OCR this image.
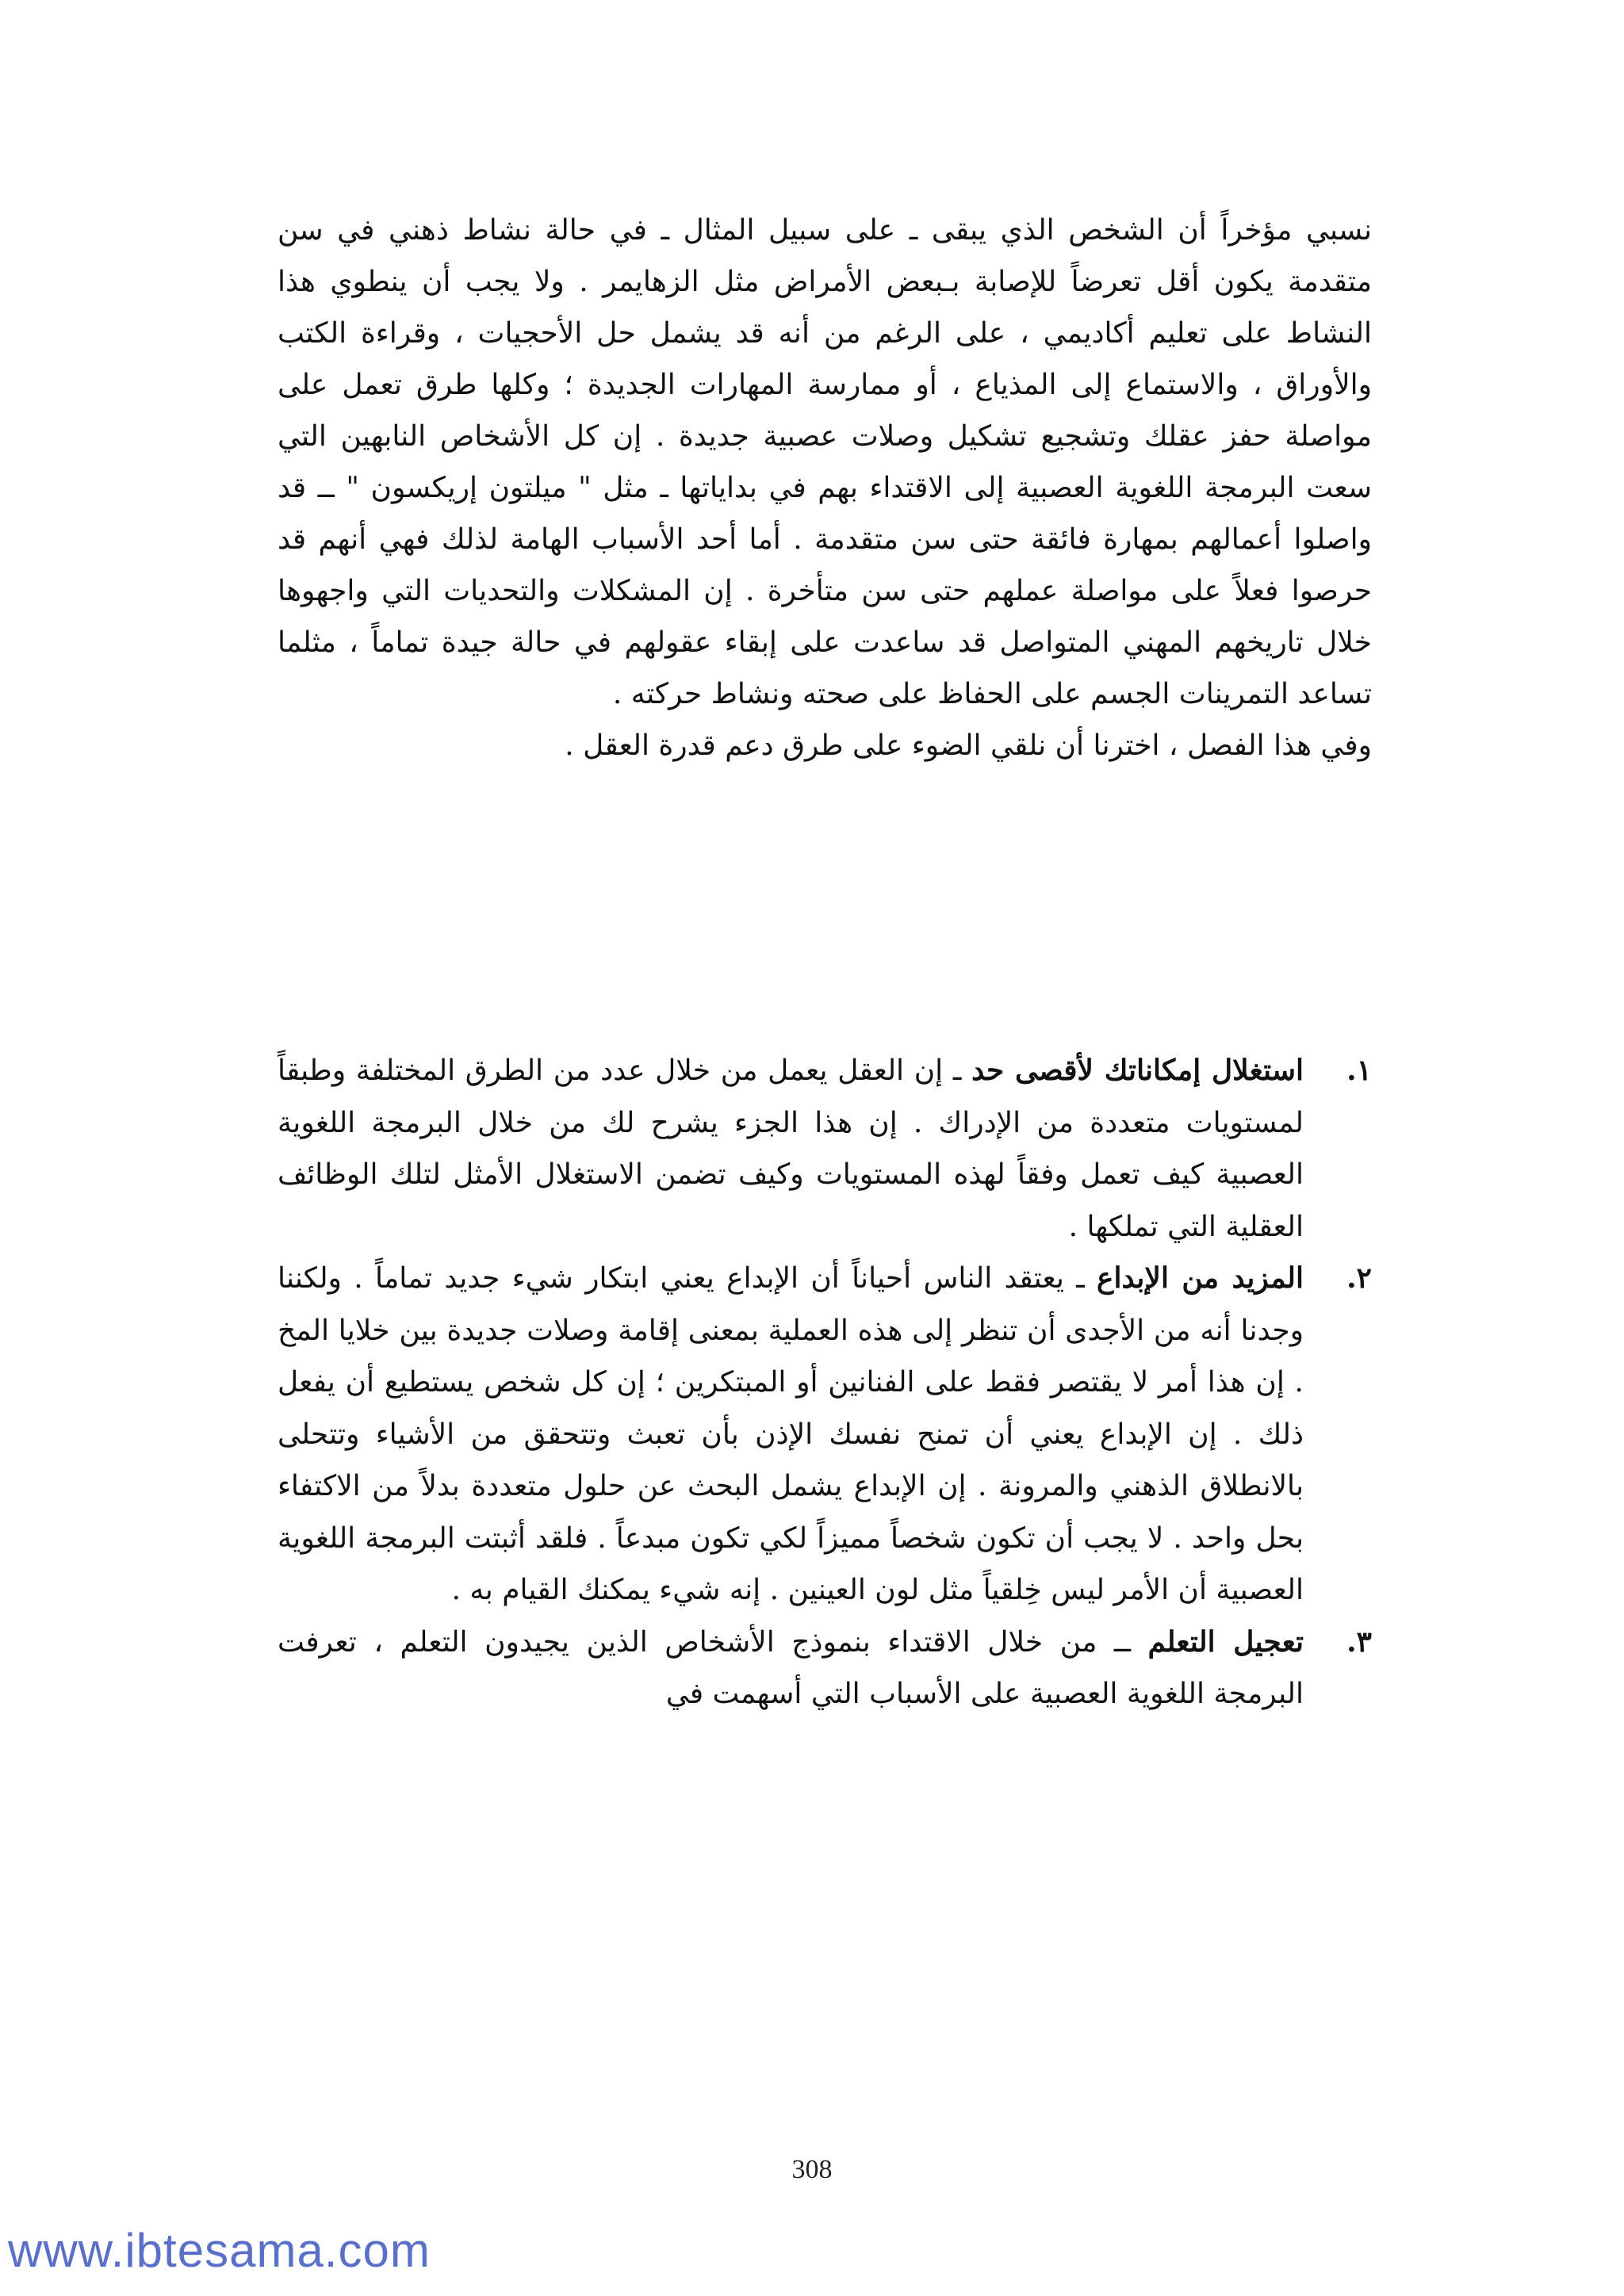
نسبي مؤخراً أن الشخص الذي يبقى ـ على سبيل المثال ـ في حالة نشاط ذهني في سن متقدمة يكون أقل تعرضاً للإصابة بـبعض الأمراض مثل الزهايمر . ولا يجب أن ينطوي هذا النشاط على تعليم أكاديمي ، على الرغم من أنه قد يشمل حل الأحجيات ، وقراءة الكتب والأوراق ، والاستماع إلى المذياع ، أو ممارسة المهارات الجديدة ؛ وكلها طرق تعمل على مواصلة حفز عقلك وتشجيع تشكيل وصلات عصبية جديدة . إن كل الأشخاص النابهين التي سعت البرمجة اللغوية العصبية إلى الاقتداء بهم في بداياتها ـ مثل " ميلتون إريكسون " ــ قد واصلوا أعمالهم بمهارة فائقة حتى سن متقدمة . أما أحد الأسباب الهامة لذلك فهي أنهم قد حرصوا فعلاً على مواصلة عملهم حتى سن متأخرة . إن المشكلات والتحديات التي واجهوها خلال تاريخهم المهني المتواصل قد ساعدت على إبقاء عقولهم في حالة جيدة تماماً ، مثلما تساعد التمرينات الجسم على الحفاظ على صحته ونشاط حركته .

وفي هذا الفصل ، اخترنا أن نلقي الضوء على طرق دعم قدرة العقل .

١.
استغلال إمكاناتك لأقصى حد ـ إن العقل يعمل من خلال عدد من الطرق المختلفة وطبقاً لمستويات متعددة من الإدراك . إن هذا الجزء يشرح لك من خلال البرمجة اللغوية العصبية كيف تعمل وفقاً لهذه المستويات وكيف تضمن الاستغلال الأمثل لتلك الوظائف العقلية التي تملكها .
٢.
المزيد من الإبداع ـ يعتقد الناس أحياناً أن الإبداع يعني ابتكار شيء جديد تماماً . ولكننا وجدنا أنه من الأجدى أن تنظر إلى هذه العملية بمعنى إقامة وصلات جديدة بين خلايا المخ . إن هذا أمر لا يقتصر فقط على الفنانين أو المبتكرين ؛ إن كل شخص يستطيع أن يفعل ذلك . إن الإبداع يعني أن تمنح نفسك الإذن بأن تعبث وتتحقق من الأشياء وتتحلى بالانطلاق الذهني والمرونة . إن الإبداع يشمل البحث عن حلول متعددة بدلاً من الاكتفاء بحل واحد . لا يجب أن تكون شخصاً مميزاً لكي تكون مبدعاً . فلقد أثبتت البرمجة اللغوية العصبية أن الأمر ليس خِلقياً مثل لون العينين . إنه شيء يمكنك القيام به .
٣.
تعجيل التعلم ــ من خلال الاقتداء بنموذج الأشخاص الذين يجيدون التعلم ، تعرفت البرمجة اللغوية العصبية على الأسباب التي أسهمت في
308
www.ibtesama.com
